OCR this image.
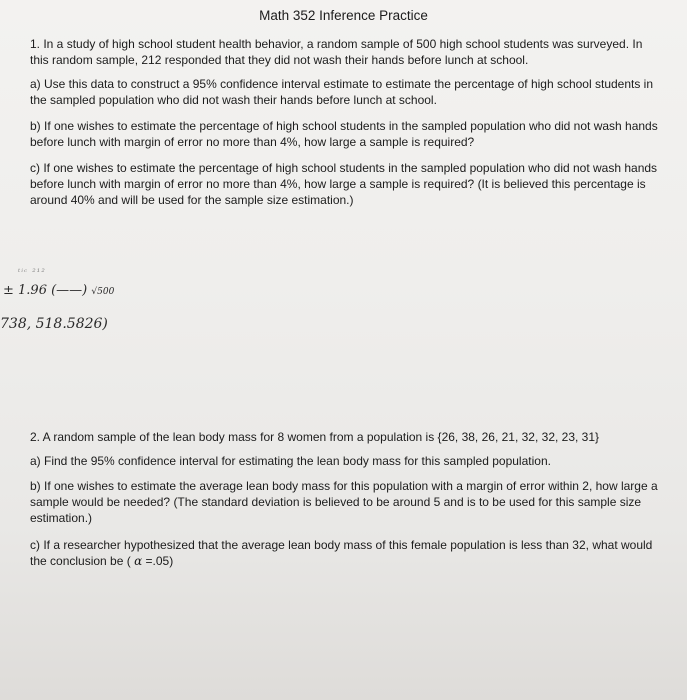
Math 352 Inference Practice
1. In a study of high school student health behavior, a random sample of 500 high school students was surveyed. In this random sample, 212 responded that they did not wash their hands before lunch at school.
a) Use this data to construct a 95% confidence interval estimate to estimate the percentage of high school students in the sampled population who did not wash their hands before lunch at school.
b) If one wishes to estimate the percentage of high school students in the sampled population who did not wash hands before lunch with margin of error no more than 4%, how large a sample is required?
c) If one wishes to estimate the percentage of high school students in the sampled population who did not wash hands before lunch with margin of error no more than 4%, how large a sample is required? (It is believed this percentage is around 40% and will be used for the sample size estimation.)
ᵗⁱᶜ ²¹²
± 1.96 (——) √500
738, 518.5826)
2. A random sample of the lean body mass for 8 women from a population is {26, 38, 26, 21, 32, 32, 23, 31}
a) Find the 95% confidence interval for estimating the lean body mass for this sampled population.
b) If one wishes to estimate the average lean body mass for this population with a margin of error within 2, how large a sample would be needed? (The standard deviation is believed to be around 5 and is to be used for this sample size estimation.)
c) If a researcher hypothesized that the average lean body mass of this female population is less than 32, what would the conclusion be ( α =.05)
